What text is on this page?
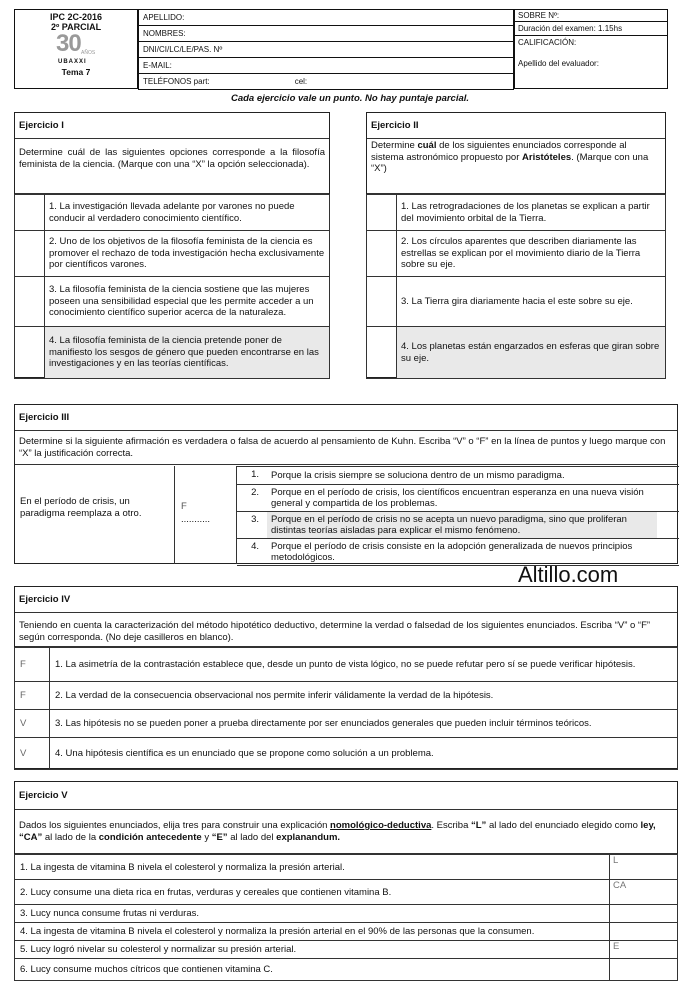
IPC 2C-2016
2º PARCIAL
30 AÑOS
UBAXXI
Tema 7
APELLIDO:
NOMBRES:
DNI/CI/LC/LE/PAS. Nº
E-MAIL:
TELÉFONOS part:	cel:
SOBRE Nº:
Duración del examen: 1.15hs
CALIFICACIÓN:
Apellido del evaluador:
Cada ejercicio vale un punto. No hay puntaje parcial.
Ejercicio I
Determine cuál de las siguientes opciones corresponde a la filosofía feminista de la ciencia. (Marque con una “X” la opción seleccionada).
	1. La investigación llevada adelante por varones no puede conducir al verdadero conocimiento científico.
	2. Uno de los objetivos de la filosofía feminista de la ciencia es promover el rechazo de toda investigación hecha exclusivamente por científicos varones.
	3. La filosofía feminista de la ciencia sostiene que las mujeres poseen una sensibilidad especial que les permite acceder a un conocimiento científico superior acerca de la naturaleza.
	4. La filosofía feminista de la ciencia pretende poner de manifiesto los sesgos de género que pueden encontrarse en las investigaciones y en las teorías científicas.
Ejercicio II
Determine cuál de los siguientes enunciados corresponde al sistema astronómico propuesto por Aristóteles. (Marque con una “X”)
	1. Las retrogradaciones de los planetas se explican a partir del movimiento orbital de la Tierra.
	2. Los círculos aparentes que describen diariamente las estrellas se explican por el movimiento diario de la Tierra sobre su eje.
	3. La Tierra gira diariamente hacia el este sobre su eje.
	4. Los planetas están engarzados en esferas que giran sobre su eje.
Ejercicio III
Determine si la siguiente afirmación es verdadera o falsa de acuerdo al pensamiento de Kuhn. Escriba “V” o “F” en la línea de puntos y luego marque con “X” la justificación correcta.
En el período de crisis, un paradigma reemplaza a otro.
F
...........
1.	Porque la crisis siempre se soluciona dentro de un mismo paradigma.	
2.	Porque en el período de crisis, los científicos encuentran esperanza en una nueva visión general y compartida de los problemas.	
3.	Porque en el período de crisis no se acepta un nuevo paradigma, sino que proliferan distintas teorías aisladas para explicar el mismo fenómeno.	
4.	Porque el período de crisis consiste en la adopción generalizada de nuevos principios metodológicos.	
Altillo.com
Ejercicio IV
Teniendo en cuenta la caracterización del método hipotético deductivo, determine la verdad o falsedad de los siguientes enunciados. Escriba “V” o “F” según corresponda. (No deje casilleros en blanco).
F	1. La asimetría de la contrastación establece que, desde un punto de vista lógico, no se puede refutar pero sí se puede verificar hipótesis.
F	2. La verdad de la consecuencia observacional nos permite inferir válidamente la verdad de la hipótesis.
V	3. Las hipótesis no se pueden poner a prueba directamente por ser enunciados generales que pueden incluir términos teóricos.
V	4. Una hipótesis científica es un enunciado que se propone como solución a un problema.
Ejercicio V
Dados los siguientes enunciados, elija tres para construir una explicación nomológico-deductiva. Escriba “L” al lado del enunciado elegido como ley, “CA” al lado de la condición antecedente y “E” al lado del explanandum.
1. La ingesta de vitamina B nivela el colesterol y normaliza la presión arterial.	L
2. Lucy consume una dieta rica en frutas, verduras y cereales que contienen vitamina B.	CA
3. Lucy nunca consume frutas ni verduras.	
4. La ingesta de vitamina B nivela el colesterol y normaliza la presión arterial en el 90% de las personas que la consumen.	
5. Lucy logró nivelar su colesterol y normalizar su presión arterial.	E
6. Lucy consume muchos cítricos que contienen vitamina C.	
